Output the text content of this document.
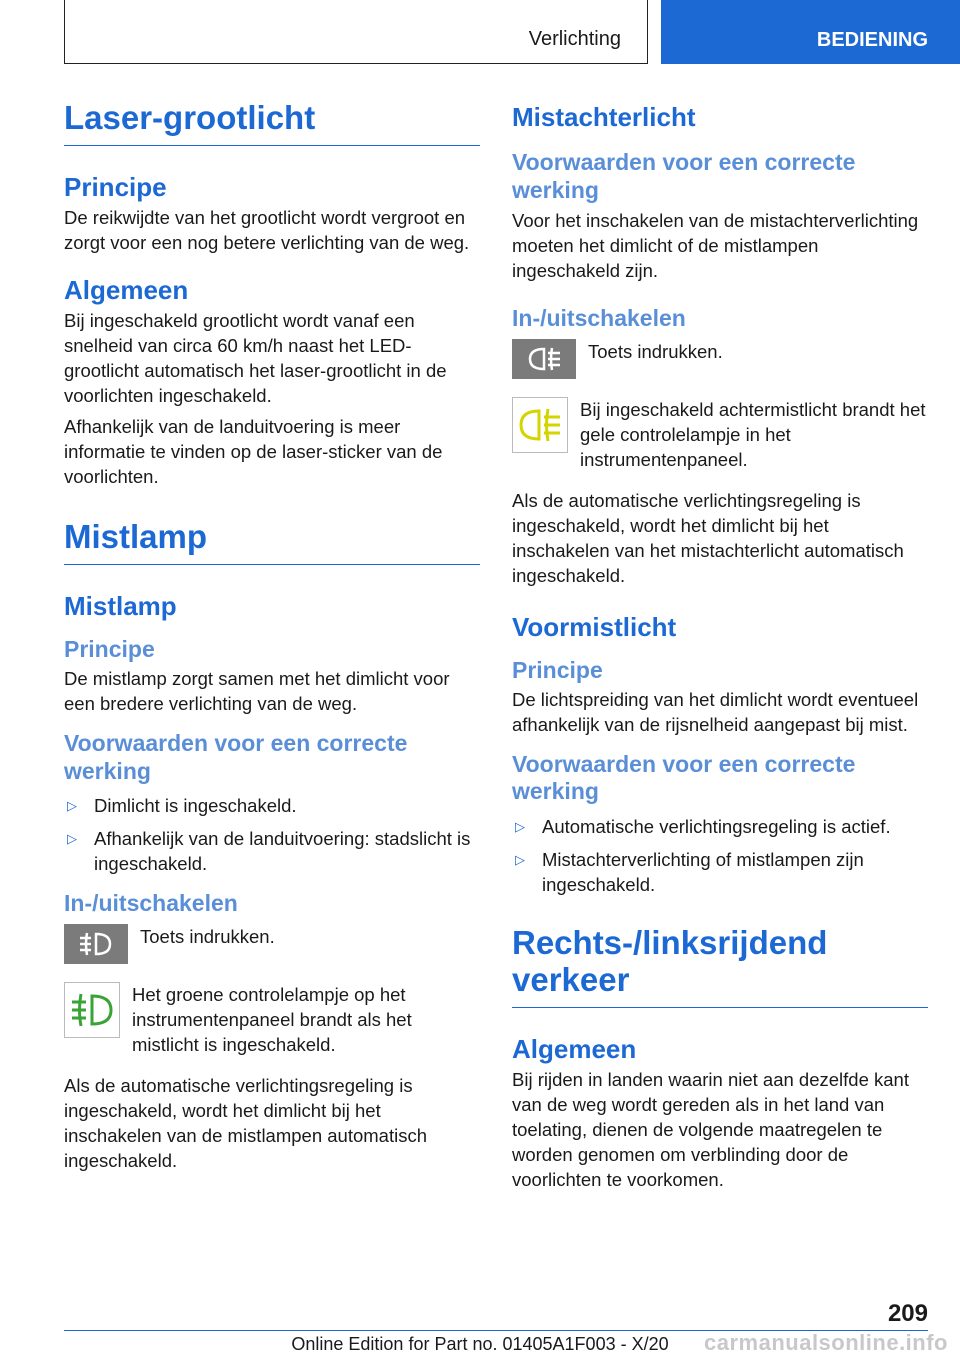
Verlichting	BEDIENING
Laser-grootlicht
Principe

De reikwijdte van het grootlicht wordt vergroot en zorgt voor een nog betere verlichting van de weg.

Algemeen

Bij ingeschakeld grootlicht wordt vanaf een snelheid van circa 60 km/h naast het LED-grootlicht automatisch het laser-grootlicht in de voorlichten ingeschakeld.

Afhankelijk van de landuitvoering is meer informatie te vinden op de laser-sticker van de voorlichten.

Mistlamp
Mistlamp
Principe

De mistlamp zorgt samen met het dimlicht voor een bredere verlichting van de weg.

Voorwaarden voor een correcte werking
▷ Dimlicht is ingeschakeld.
▷ Afhankelijk van de landuitvoering: stadslicht is ingeschakeld.
In-/uitschakelen

Toets indrukken.

Het groene controlelampje op het instrumentenpaneel brandt als het mistlicht is ingeschakeld.

Als de automatische verlichtingsregeling is ingeschakeld, wordt het dimlicht bij het inschakelen van de mistlampen automatisch ingeschakeld.

Mistachterlicht
Voorwaarden voor een correcte werking

Voor het inschakelen van de mistachterverlichting moeten het dimlicht of de mistlampen ingeschakeld zijn.

In-/uitschakelen

Toets indrukken.

Bij ingeschakeld achtermistlicht brandt het gele controlelampje in het instrumentenpaneel.

Als de automatische verlichtingsregeling is ingeschakeld, wordt het dimlicht bij het inschakelen van het mistachterlicht automatisch ingeschakeld.

Voormistlicht
Principe

De lichtspreiding van het dimlicht wordt eventueel afhankelijk van de rijsnelheid aangepast bij mist.

Voorwaarden voor een correcte werking
▷ Automatische verlichtingsregeling is actief.
▷ Mistachterverlichting of mistlampen zijn ingeschakeld.
Rechts-/linksrijdend verkeer
Algemeen

Bij rijden in landen waarin niet aan dezelfde kant van de weg wordt gereden als in het land van toelating, dienen de volgende maatregelen te worden genomen om verblinding door de voorlichten te voorkomen.

209
Online Edition for Part no. 01405A1F003 - X/20	carmanualsonline.info
